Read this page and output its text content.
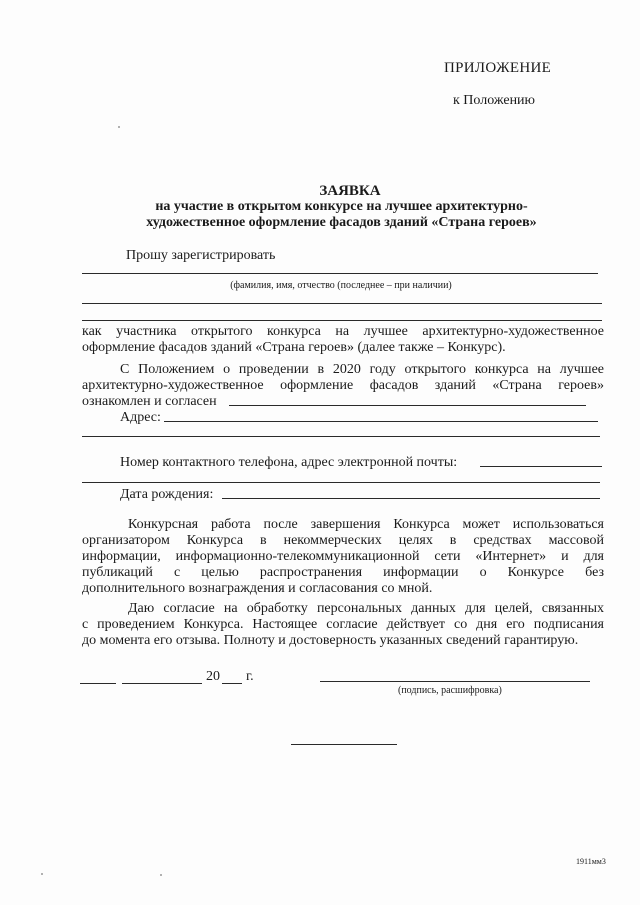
ПРИЛОЖЕНИЕ
к Положению
ЗАЯВКА
на участие в открытом конкурсе на лучшее архитектурно-
художественное оформление фасадов зданий «Страна героев»
Прошу зарегистрировать
(фамилия, имя, отчество (последнее – при наличии)
как участника открытого конкурса на лучшее архитектурно-художественное
оформление фасадов зданий «Страна героев» (далее также – Конкурс).
С Положением о проведении в 2020 году открытого конкурса на лучшее
архитектурно-художественное оформление фасадов зданий «Страна героев»
ознакомлен и согласен
Адрес:
Номер контактного телефона, адрес электронной почты:
Дата рождения:
Конкурсная работа после завершения Конкурса может использоваться
организатором Конкурса в некоммерческих целях в средствах массовой
информации, информационно-телекоммуникационной сети «Интернет» и для
публикаций с целью распространения информации о Конкурсе без
дополнительного вознаграждения и согласования со мной.
Даю согласие на обработку персональных данных для целей, связанных
с проведением Конкурса. Настоящее согласие действует со дня его подписания
до момента его отзыва. Полноту и достоверность указанных сведений гарантирую.
20 г.
(подпись, расшифровка)
1911мм3
